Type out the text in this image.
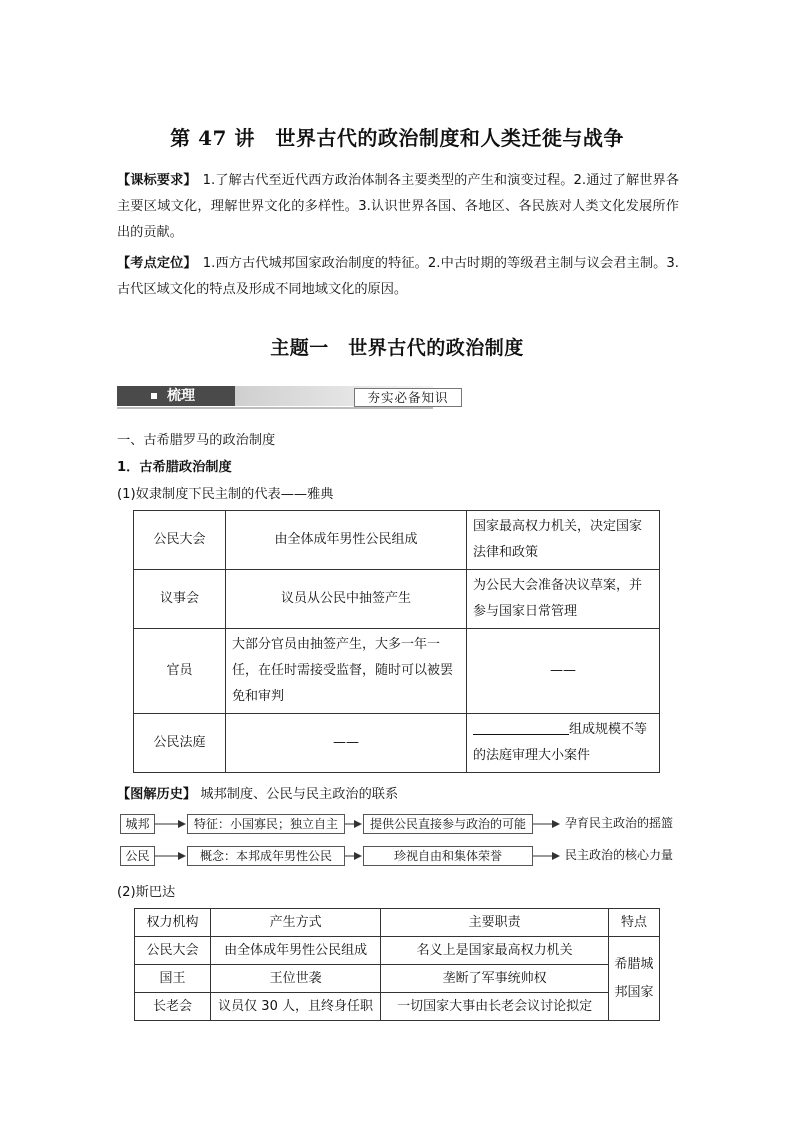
第 47 讲　世界古代的政治制度和人类迁徙与战争
【课标要求】 1.了解古代至近代西方政治体制各主要类型的产生和演变过程。2.通过了解世界各主要区域文化，理解世界文化的多样性。3.认识世界各国、各地区、各民族对人类文化发展所作出的贡献。
【考点定位】 1.西方古代城邦国家政治制度的特征。2.中古时期的等级君主制与议会君主制。3.古代区域文化的特点及形成不同地域文化的原因。
主题一　世界古代的政治制度
梳理	夯实必备知识
一、古希腊罗马的政治制度
1．古希腊政治制度
(1)奴隶制度下民主制的代表——雅典
公民大会	由全体成年男性公民组成	国家最高权力机关，决定国家法律和政策
议事会	议员从公民中抽签产生	为公民大会准备决议草案，并参与国家日常管理
官员	大部分官员由抽签产生，大多一年一任，在任时需接受监督，随时可以被罢免和审判	——
公民法庭	——	组成规模不等的法庭审理大小案件
【图解历史】 城邦制度、公民与民主政治的联系
城邦	特征：小国寡民；独立自主	提供公民直接参与政治的可能	孕育民主政治的摇篮
公民	概念：本邦成年男性公民	珍视自由和集体荣誉	民主政治的核心力量
(2)斯巴达
权力机构	产生方式	主要职责	特点
公民大会	由全体成年男性公民组成	名义上是国家最高权力机关	希腊城邦国家
国王	王位世袭	垄断了军事统帅权	
长老会	议员仅 30 人，且终身任职	一切国家大事由长老会议讨论拟定	
